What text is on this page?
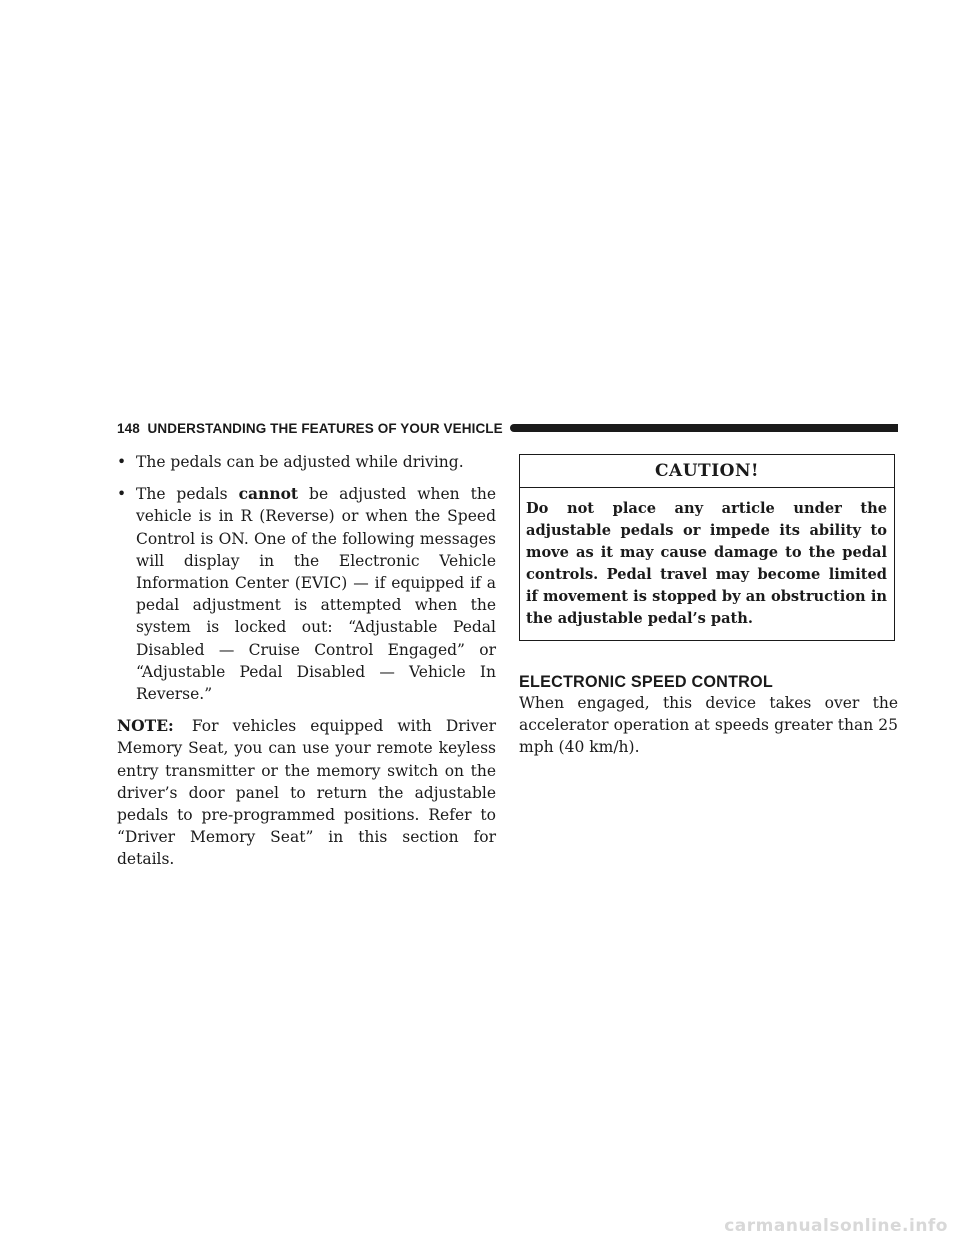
148 UNDERSTANDING THE FEATURES OF YOUR VEHICLE
• The pedals can be adjusted while driving.

• The pedals cannot be adjusted when the vehicle is in R (Reverse) or when the Speed Control is ON. One of the following messages will display in the Electronic Vehicle Information Center (EVIC) — if equipped if a pedal adjustment is attempted when the system is locked out: “Adjustable Pedal Disabled — Cruise Control Engaged” or “Adjustable Pedal Disabled — Vehicle In Reverse.”

NOTE: For vehicles equipped with Driver Memory Seat, you can use your remote keyless entry transmitter or the memory switch on the driver’s door panel to return the adjustable pedals to pre-programmed positions. Refer to “Driver Memory Seat” in this section for details.

CAUTION!
Do not place any article under the adjustable pedals or impede its ability to move as it may cause damage to the pedal controls. Pedal travel may become limited if movement is stopped by an obstruction in the adjustable pedal’s path.
ELECTRONIC SPEED CONTROL

When engaged, this device takes over the accelerator operation at speeds greater than 25 mph (40 km/h).

carmanualsonline.info
